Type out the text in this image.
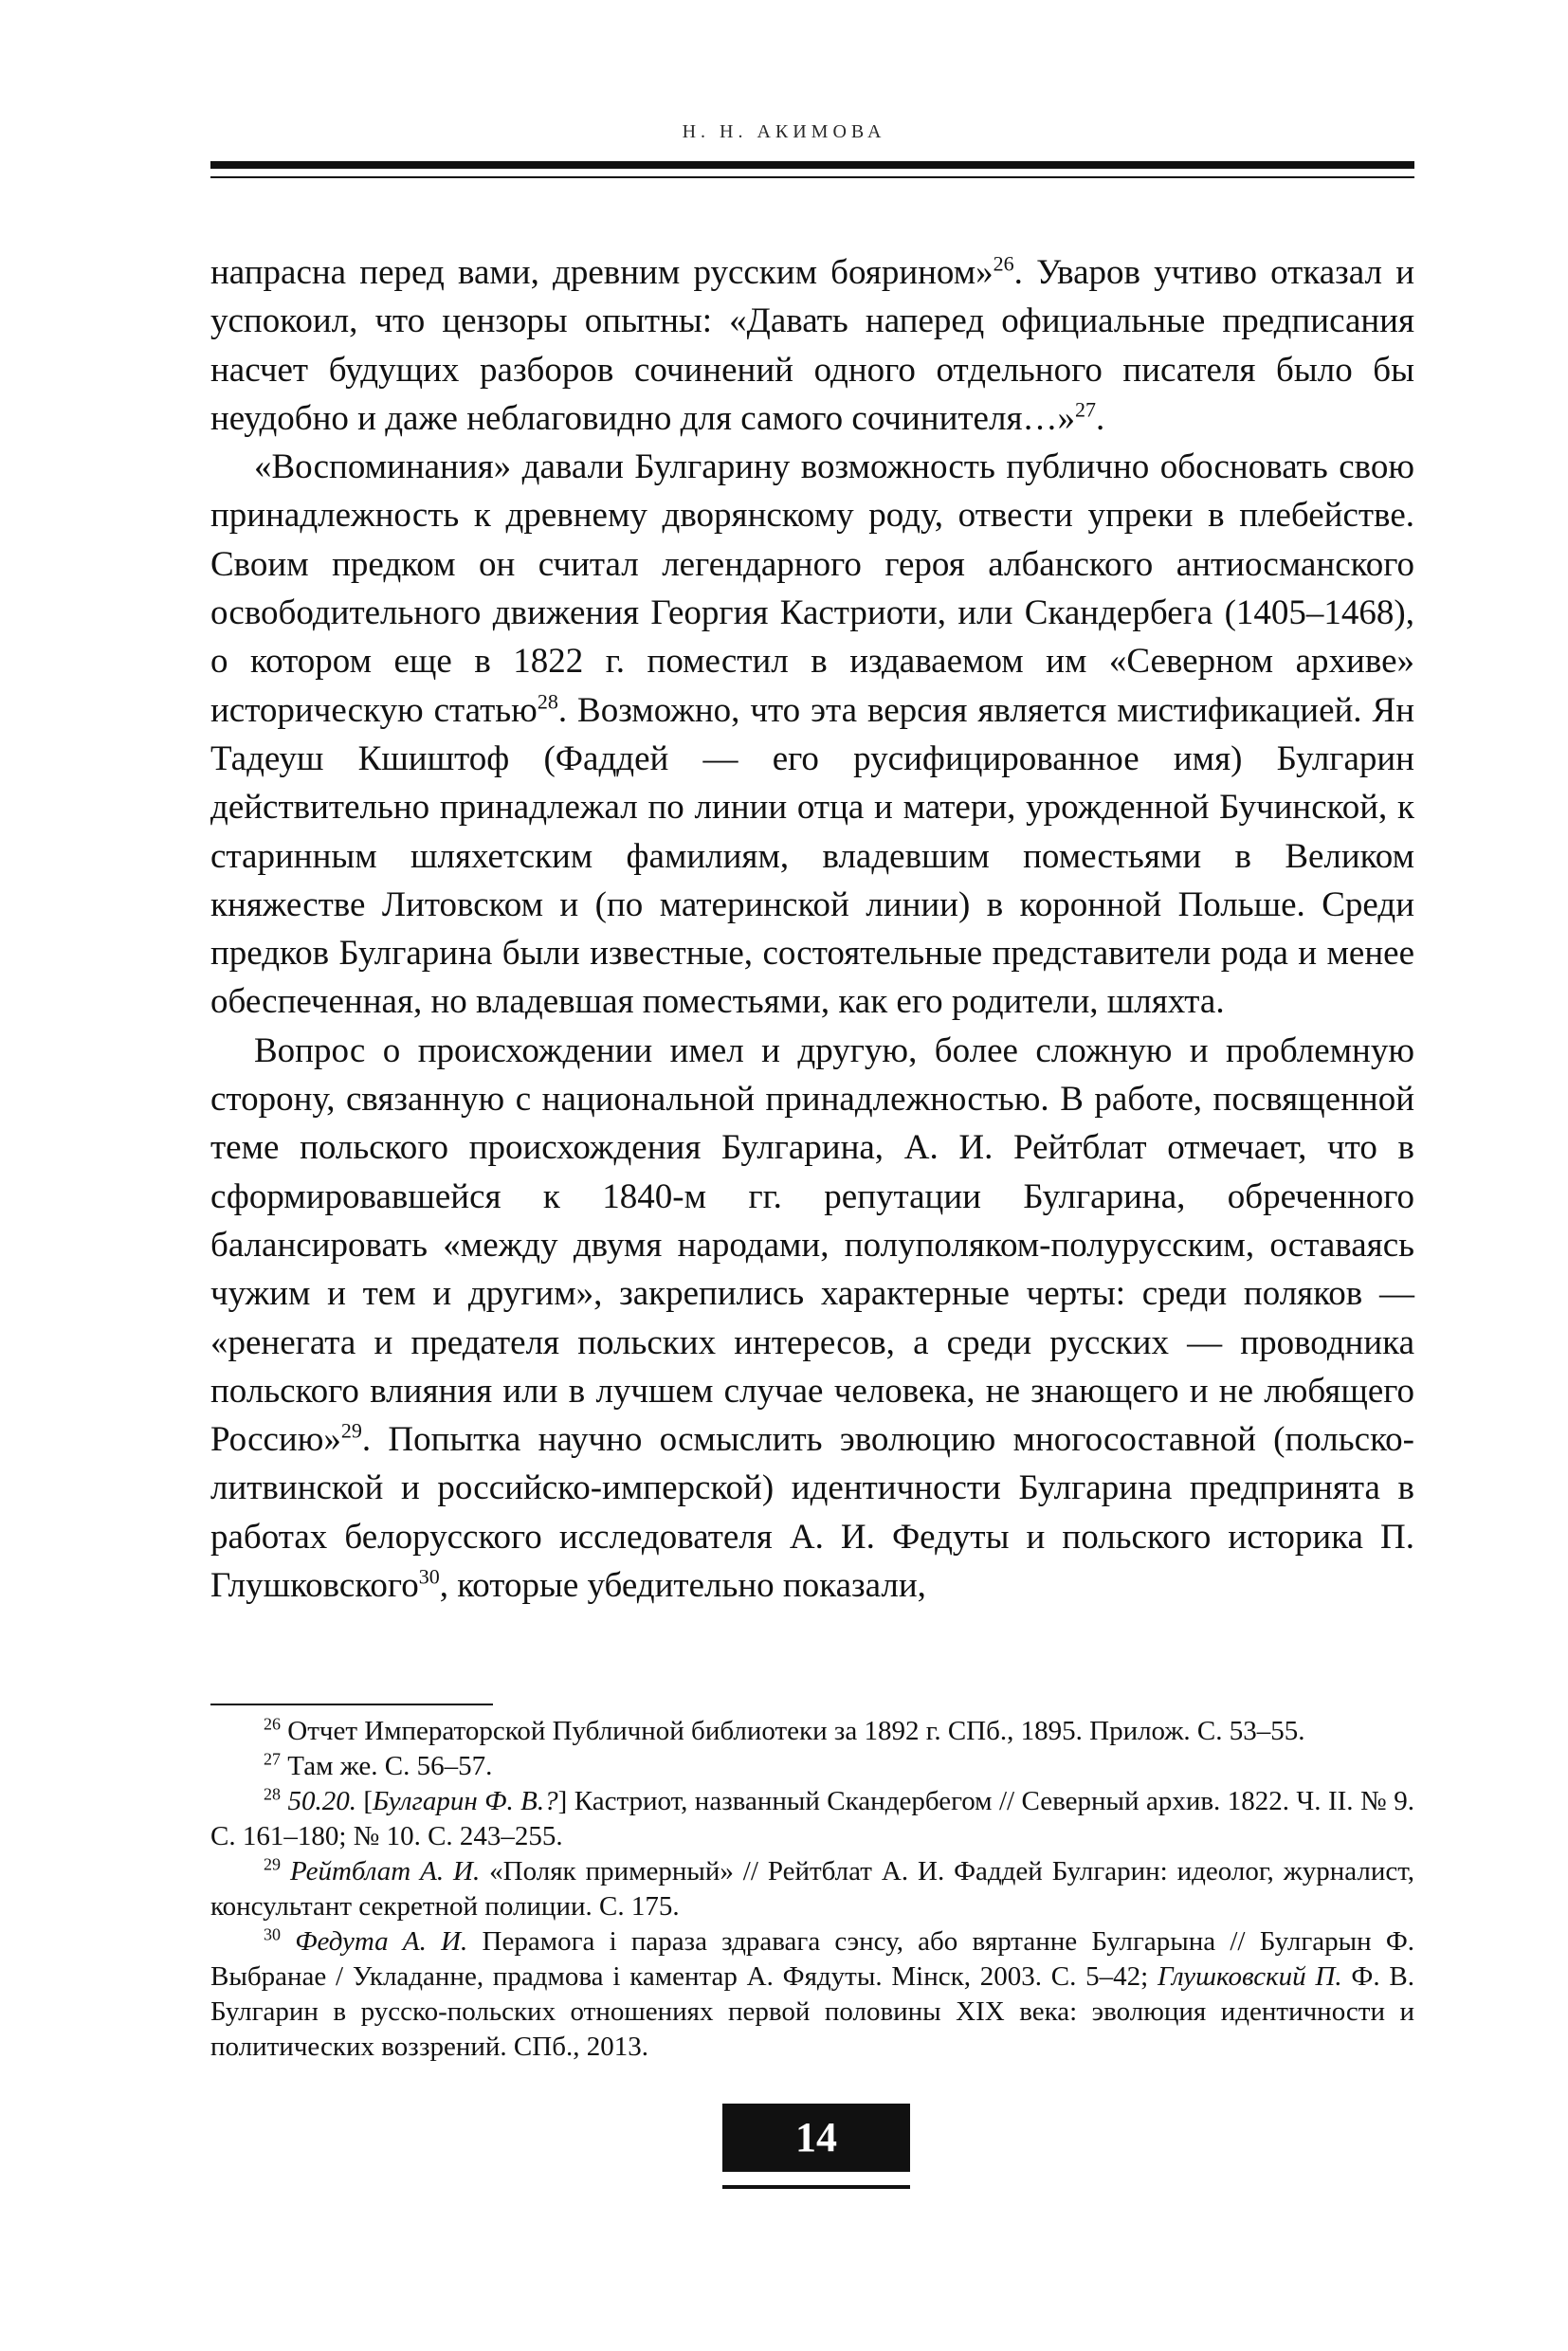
Н. Н. АКИМОВА

напрасна перед вами, древним русским боярином»$^{26}$. Уваров учтиво отказал и успокоил, что цензоры опытны: «Давать наперед официальные предписания насчет будущих разборов сочинений одного отдельного писателя было бы неудобно и даже неблаговидно для самого сочинителя…»$^{27}$.

«Воспоминания» давали Булгарину возможность публично обосновать свою принадлежность к древнему дворянскому роду, отвести упреки в плебействе. Своим предком он считал легендарного героя албанского антиосманского освободительного движения Георгия Кастриоти, или Скандербега (1405–1468), о котором еще в 1822 г. поместил в издаваемом им «Северном архиве» историческую статью$^{28}$. Возможно, что эта версия является мистификацией. Ян Тадеуш Кшиштоф (Фаддей — его русифицированное имя) Булгарин действительно принадлежал по линии отца и матери, урожденной Бучинской, к старинным шляхетским фамилиям, владевшим поместьями в Великом княжестве Литовском и (по материнской линии) в коронной Польше. Среди предков Булгарина были известные, состоятельные представители рода и менее обеспеченная, но владевшая поместьями, как его родители, шляхта.

Вопрос о происхождении имел и другую, более сложную и проблемную сторону, связанную с национальной принадлежностью. В работе, посвященной теме польского происхождения Булгарина, А. И. Рейтблат отмечает, что в сформировавшейся к 1840-м гг. репутации Булгарина, обреченного балансировать «между двумя народами, полуполяком-полурусским, оставаясь чужим и тем и другим», закрепились характерные черты: среди поляков — «ренегата и предателя польских интересов, а среди русских — проводника польского влияния или в лучшем случае человека, не знающего и не любящего Россию»$^{29}$. Попытка научно осмыслить эволюцию многосоставной (польско-литвинской и российско-имперской) идентичности Булгарина предпринята в работах белорусского исследователя А. И. Федуты и польского историка П. Глушковского$^{30}$, которые убедительно показали,

$^{26}$ Отчет Императорской Публичной библиотеки за 1892 г. СПб., 1895. Прилож. С. 53–55.

$^{27}$ Там же. С. 56–57.

$^{28}$ 50.20. [Булгарин Ф. В.?] Кастриот, названный Скандербегом // Северный архив. 1822. Ч. II. № 9. С. 161–180; № 10. С. 243–255.

$^{29}$ Рейтблат А. И. «Поляк примерный» // Рейтблат А. И. Фаддей Булгарин: идеолог, журналист, консультант секретной полиции. С. 175.

$^{30}$ Федута А. И. Перамога і параза здравага сэнсу, або вяртанне Булгарына // Булгарын Ф. Выбранае / Укладанне, прадмова і каментар А. Фядуты. Мінск, 2003. С. 5–42; Глушковский П. Ф. В. Булгарин в русско-польских отношениях первой половины XIX века: эволюция идентичности и политических воззрений. СПб., 2013.

14
